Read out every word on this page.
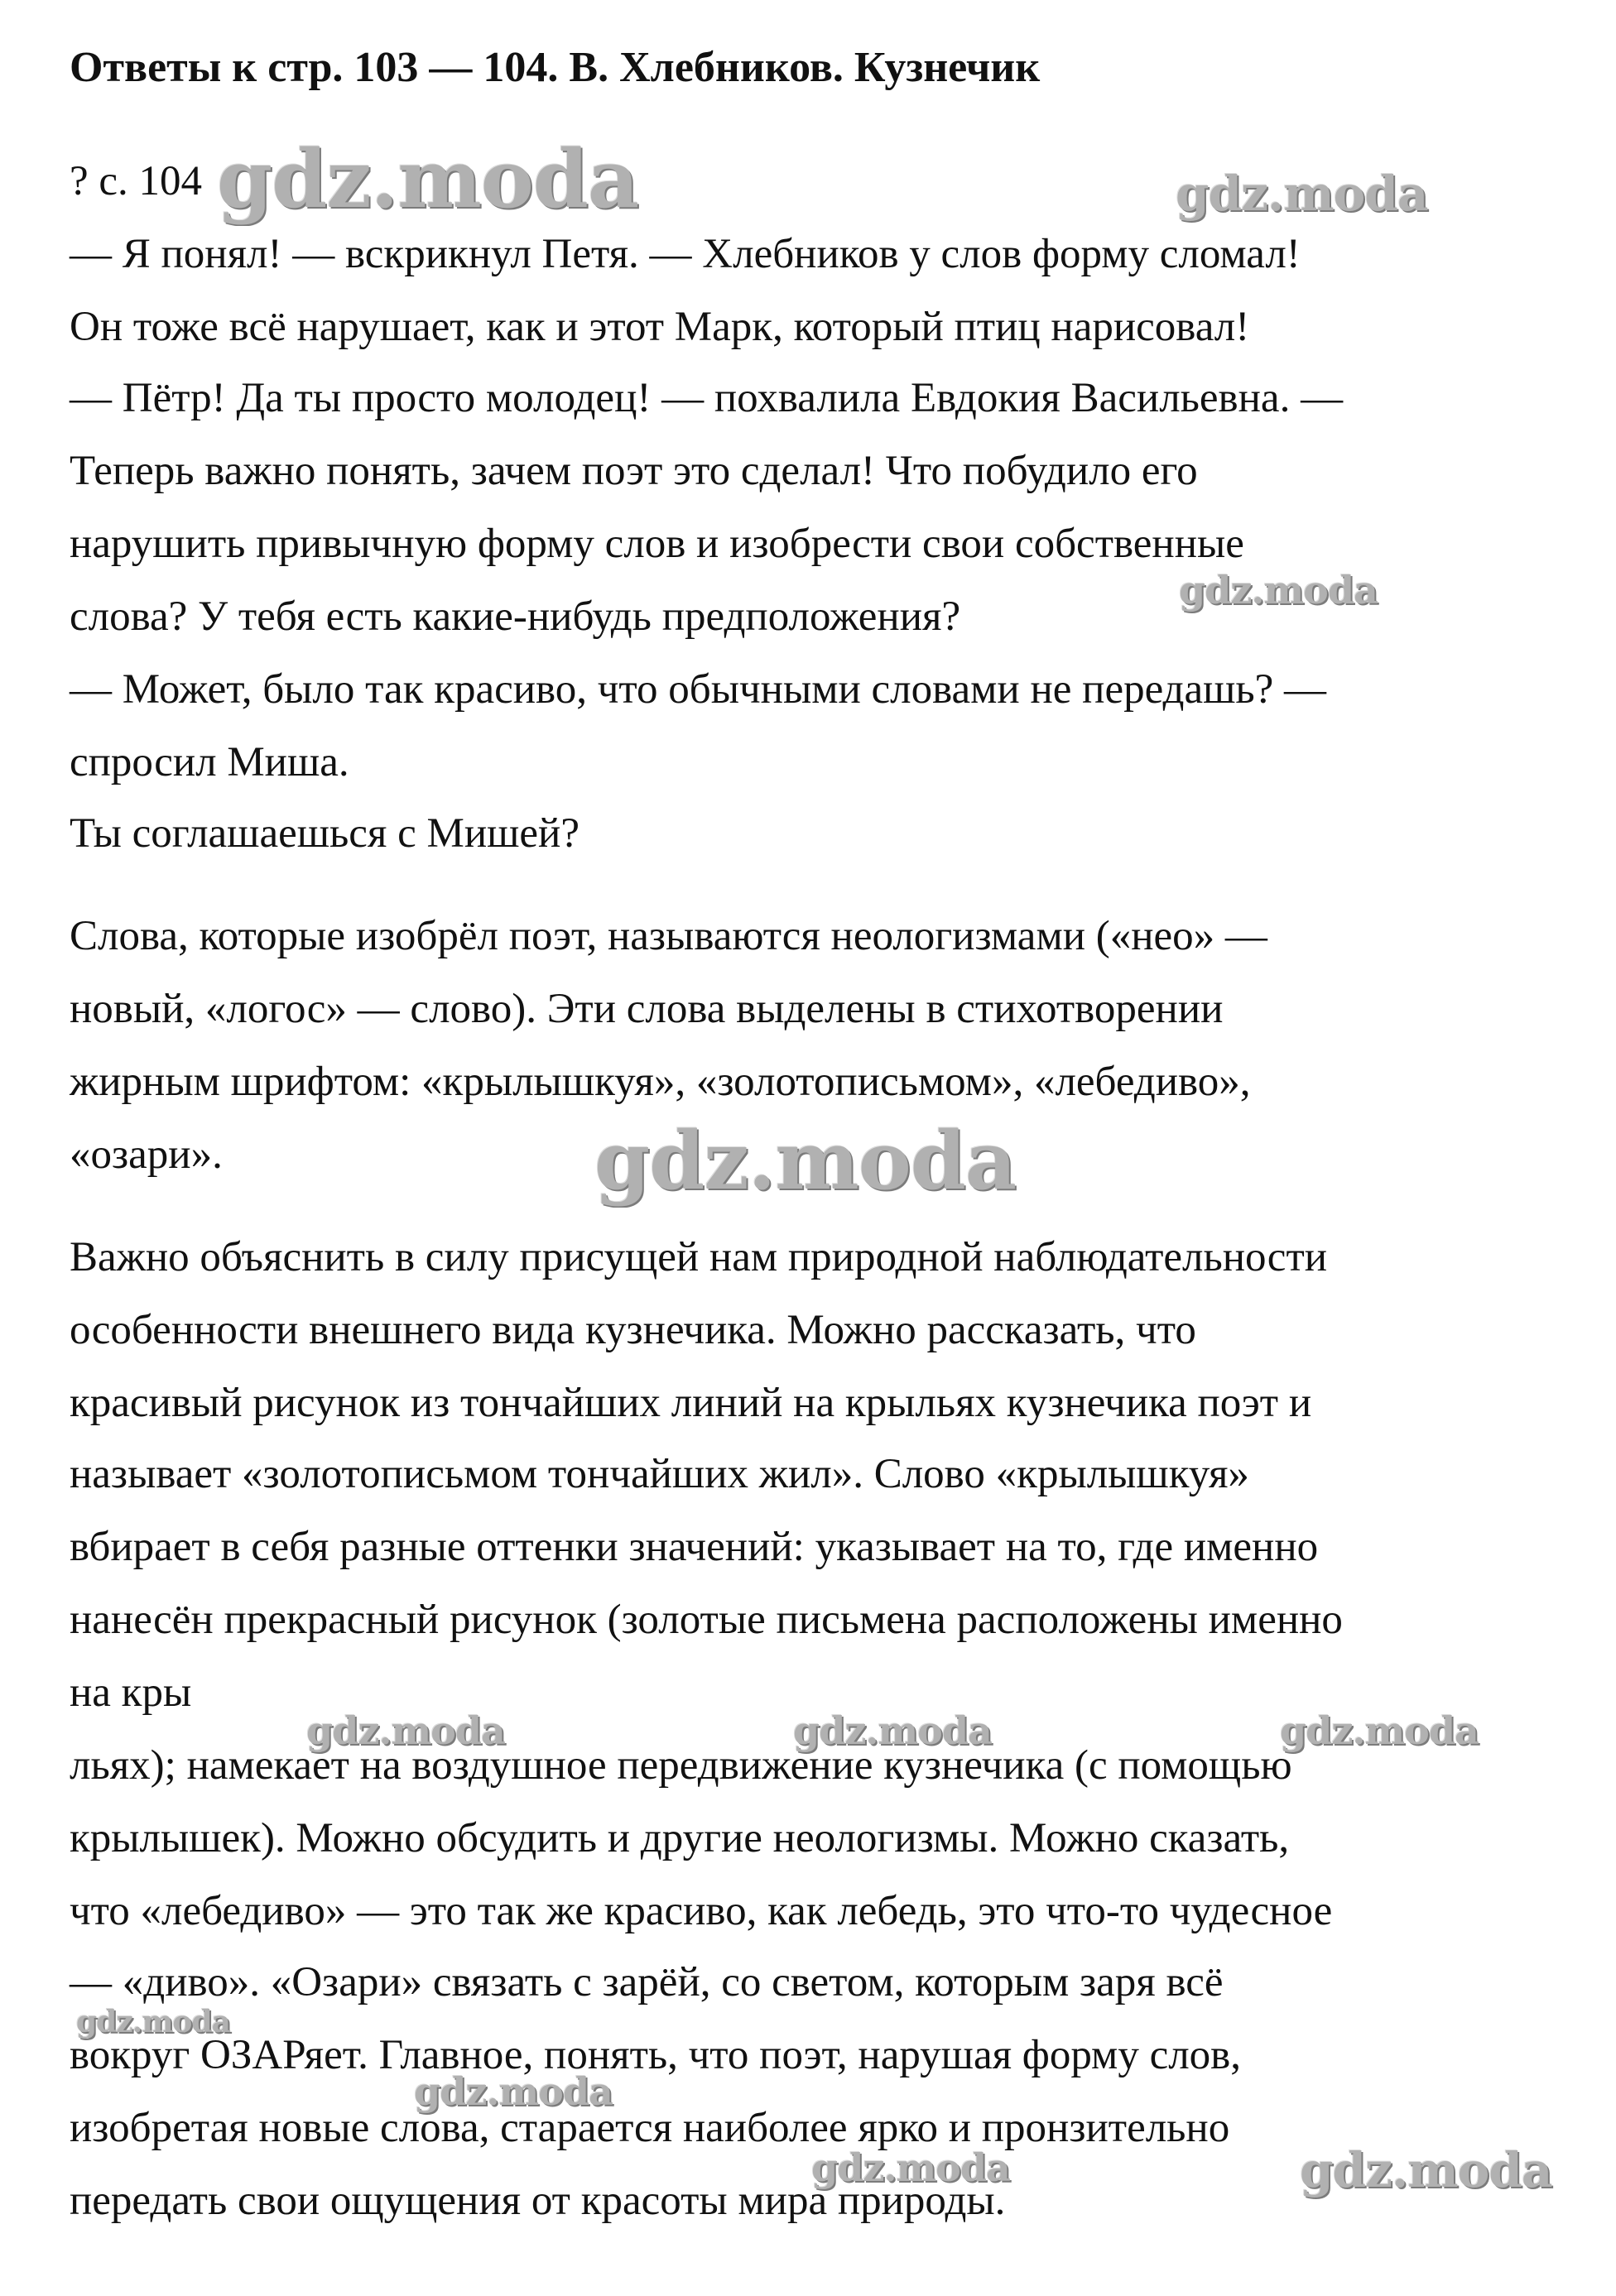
Ответы к стр. 103 — 104. В. Хлебников. Кузнечик
? с. 104
— Я понял! — вскрикнул Петя. — Хлебников у слов форму сломал!
Он тоже всё нарушает, как и этот Марк, который птиц нарисовал!
— Пётр! Да ты просто молодец! — похвалила Евдокия Васильевна. —
Теперь важно понять, зачем поэт это сделал! Что побудило его
нарушить привычную форму слов и изобрести свои собственные
слова? У тебя есть какие-нибудь предположения?
— Может, было так красиво, что обычными словами не передашь? —
спросил Миша.
Ты соглашаешься с Мишей?
Слова, которые изобрёл поэт, называются неологизмами («нео» —
новый, «логос» — слово). Эти слова выделены в стихотворении
жирным шрифтом: «крылышкуя», «золотописьмом», «лебедиво»,
«озари».
Важно объяснить в силу присущей нам природной наблюдательности
особенности внешнего вида кузнечика. Можно рассказать, что
красивый рисунок из тончайших линий на крыльях кузнечика поэт и
называет «золотописьмом тончайших жил». Слово «крылышкуя»
вбирает в себя разные оттенки значений: указывает на то, где именно
нанесён прекрасный рисунок (золотые письмена расположены именно
на кры
льях); намекает на воздушное передвижение кузнечика (с помощью
крылышек). Можно обсудить и другие неологизмы. Можно сказать,
что «лебедиво» — это так же красиво, как лебедь, это что-то чудесное
— «диво». «Озари» связать с зарёй, со светом, которым заря всё
вокруг ОЗАРяет. Главное, понять, что поэт, нарушая форму слов,
изобретая новые слова, старается наиболее ярко и пронзительно
передать свои ощущения от красоты мира природы.
gdz.moda	gdz.moda
gdz.moda
gdz.moda
gdz.moda	gdz.moda	gdz.moda
gdz.moda
gdz.moda
gdz.moda	gdz.moda
